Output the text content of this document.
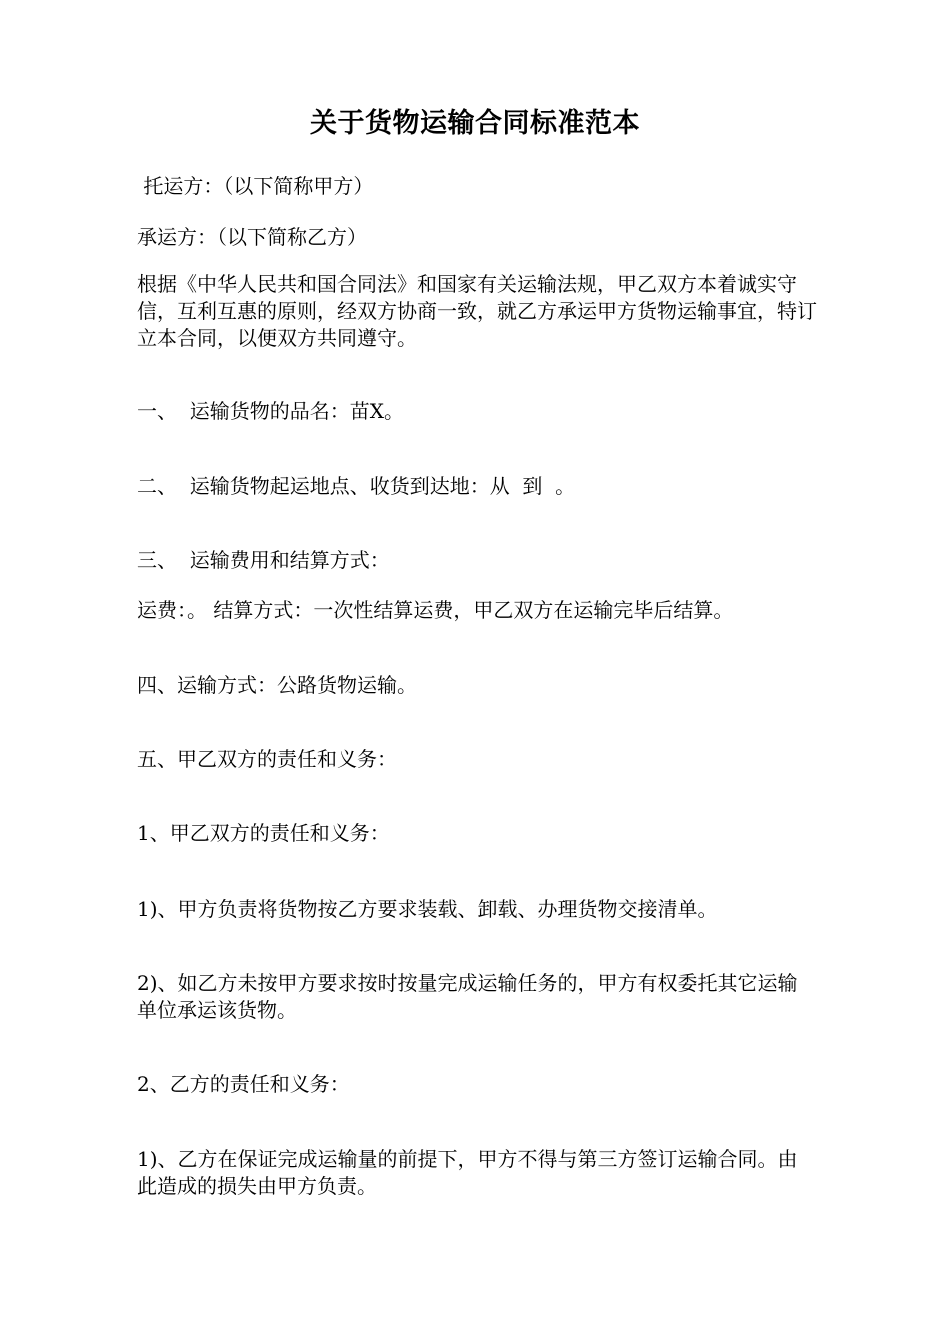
关于货物运输合同标准范本
托运方：（以下简称甲方）
承运方：（以下简称乙方）
根据《中华人民共和国合同法》和国家有关运输法规，甲乙双方本着诚实守信，互利互惠的原则，经双方协商一致，就乙方承运甲方货物运输事宜，特订立本合同，以便双方共同遵守。
一、  运输货物的品名：苗X。
二、  运输货物起运地点、收货到达地：从  到  。
三、  运输费用和结算方式：
运费：。 结算方式：一次性结算运费，甲乙双方在运输完毕后结算。
四、运输方式：公路货物运输。
五、甲乙双方的责任和义务：
1、甲乙双方的责任和义务：
1)、甲方负责将货物按乙方要求装载、卸载、办理货物交接清单。
2)、如乙方未按甲方要求按时按量完成运输任务的，甲方有权委托其它运输单位承运该货物。
2、乙方的责任和义务：
1)、乙方在保证完成运输量的前提下，甲方不得与第三方签订运输合同。由此造成的损失由甲方负责。
